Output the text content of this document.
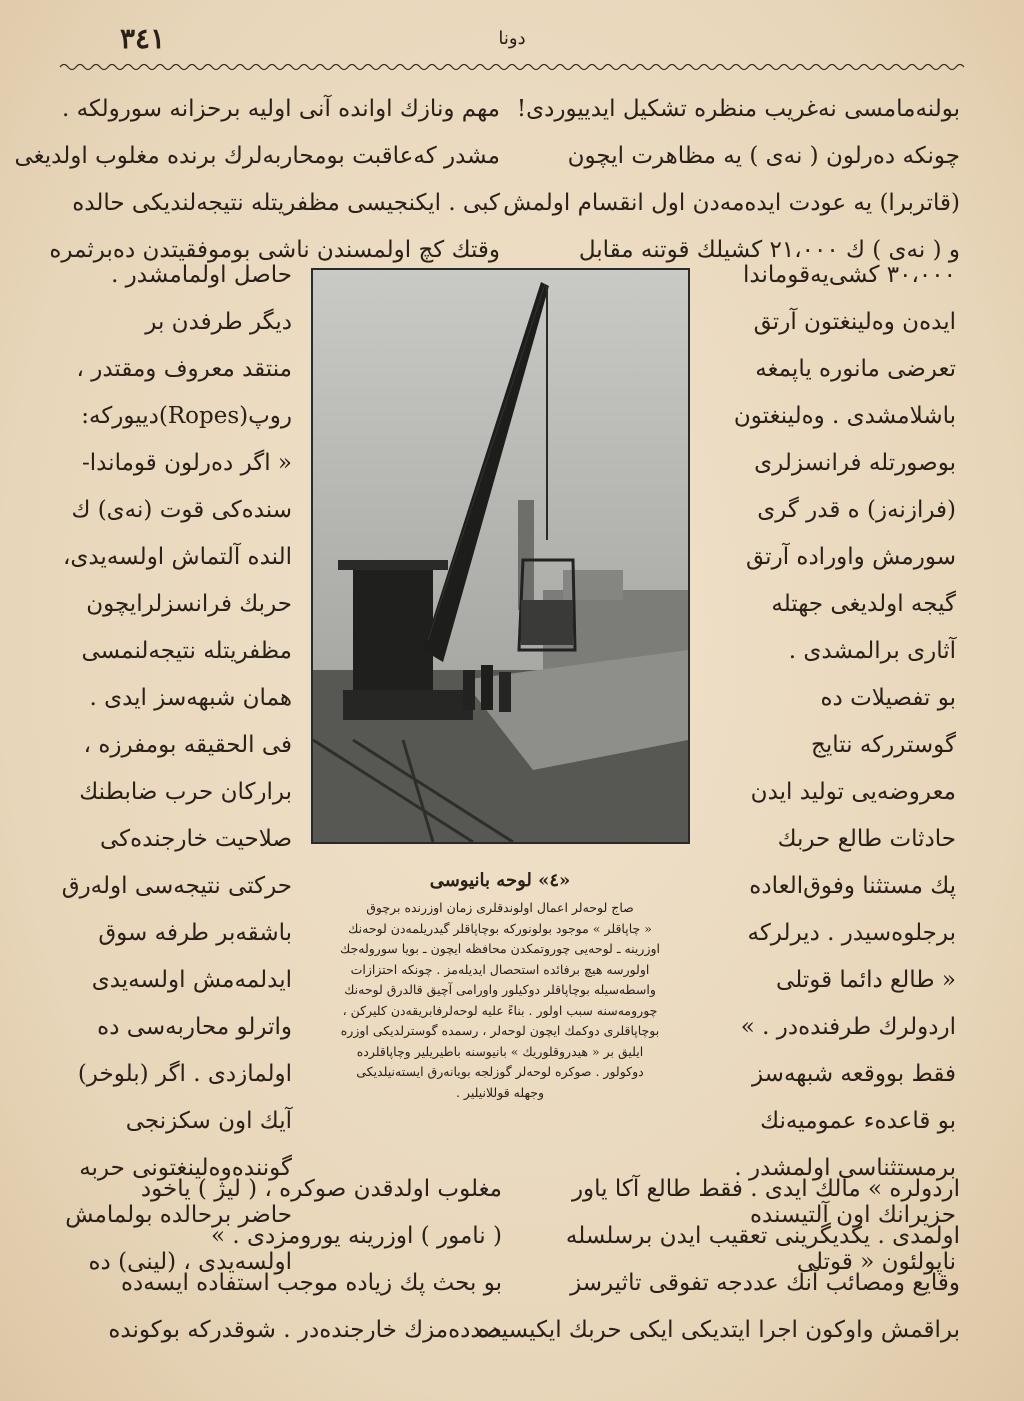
٣٤١	دونا

بولنه‌مامسی نه‌غریب منظره تشكیل ایدییوردی!

چونكه ده‌رلون ( نه‌ی ) یه مظاهرت ایچون

(قاتربرا) یه عودت ایده‌مه‌دن اول انقسام اولمش

و ( نه‌ی ) ك ۲۱،۰۰۰ كشیلك قوتنه مقابل

مهم ونازك اوانده آنی اولیه برحزانه سورولكه .

مشدر كه‌عاقبت بومحاربه‌لرك برنده مغلوب اولدیغی

كبی . ایكنجیسی مظفریتله نتیجه‌لندیكی حالده

وقتك كچ اولمسندن ناشی بوموفقیتدن ده‌برثمره

۳۰،۰۰۰ كشی‌یه‌قوماندا

ایده‌ن وه‌لینغتون آرتق

تعرضی مانوره یاپمغه

باشلامشدی . وه‌لینغتون

بوصورتله فرانسزلری

(فرازنه‌ز) ه قدر گری

سورمش واوراده آرتق

گیجه اولدیغی جهتله

آثاری برالمشدی .

بو تفصیلات ده

گوسترركه نتایج

معروضه‌یی تولید ایدن

حادثات طالع حربك

پك مستثنا وفوق‌العاده

برجلوه‌سیدر . دیرلركه

« طالع دائما قوتلی

اردولرك طرفنده‌در . »

فقط بووقعه شبهه‌سز

بو قاعده‌ء عمومیه‌نك

برمستثناسی اولمشدر .

حزیرانك اون آلتیسنده

ناپولئون « قوتلی

حاصل اولمامشدر .

دیگر طرفدن بر

منتقد معروف ومقتدر ،

روپ(Ropes)دییوركه:

« اگر ده‌رلون قوماندا-

سنده‌كی قوت (نه‌ی) ك

النده آلتماش اولسه‌یدی،

حربك فرانسزلرایچون

مظفریتله نتیجه‌لنمسی

همان شبهه‌سز ایدی .

فی الحقیقه بومفرزه ،

براركان حرب ضابطنك

صلاحیت خارجنده‌كی

حركتی نتیجه‌سی اوله‌رق

باشقه‌بر طرفه سوق

ایدلمه‌مش اولسه‌یدی

واترلو محاربه‌سی ده

اولمازدی . اگر (بلوخر)

آیك اون سكزنجی

گوننده‌وه‌لینغتونی حربه

حاضر برحالده بولمامش

اولسه‌یدی ، (لینی) ده

«٤» لوحه بانیوسی

صاج لوحه‌لر اعمال اولوندقلری زمان اوزرنده برچوق

« چاپاقلر » موجود بولونورکه بوچاپاقلر گیدریلمه‌دن لوحه‌نك

اوزرینه ـ لوحه‌یی چوروتمکدن محافظه ایچون ـ بویا سوروله‌جك

اولورسه هیچ برفائده استحصال ایدیله‌مز . چونكه احتزازات

واسطه‌سیله بوچاپاقلر دوكیلور واورامی آچیق قالدرق لوحه‌نك

چورومه‌سنه سبب اولور . بناءً علیه لوحه‌لرفابریقه‌دن كلیركن ،

بوچاپاقلری دوكمك ایچون لوحه‌لر ، رسمده گوسترلدیكی اوزره

ایلیق بر « هیدروقلوریك » بانیوسنه باطیریلیر وچاپاقلرده

دوكولور . صوكره لوحه‌لر گوزلجه بویانه‌رق ایسته‌نیلدیكی

وجهله قوللانیلیر .

اردولره » مالك ایدی . فقط طالع آكا یاور

اولمدی . یكدیگرینی تعقیب ایدن برسلسله

وقایع ومصائب آنك عددجه تفوقی تاثیرسز

براقمش واوكون اجرا ایتدیكی ایكی حربك ایكیسیده

مغلوب اولدقدن صوكره ، ( لیژ ) یاخود

( نامور ) اوزرینه یورومزدی . »

بو بحث پك زیاده موجب استفاده ایسه‌ده

صدده‌مزك خارجنده‌در . شوقدركه بوكونده
